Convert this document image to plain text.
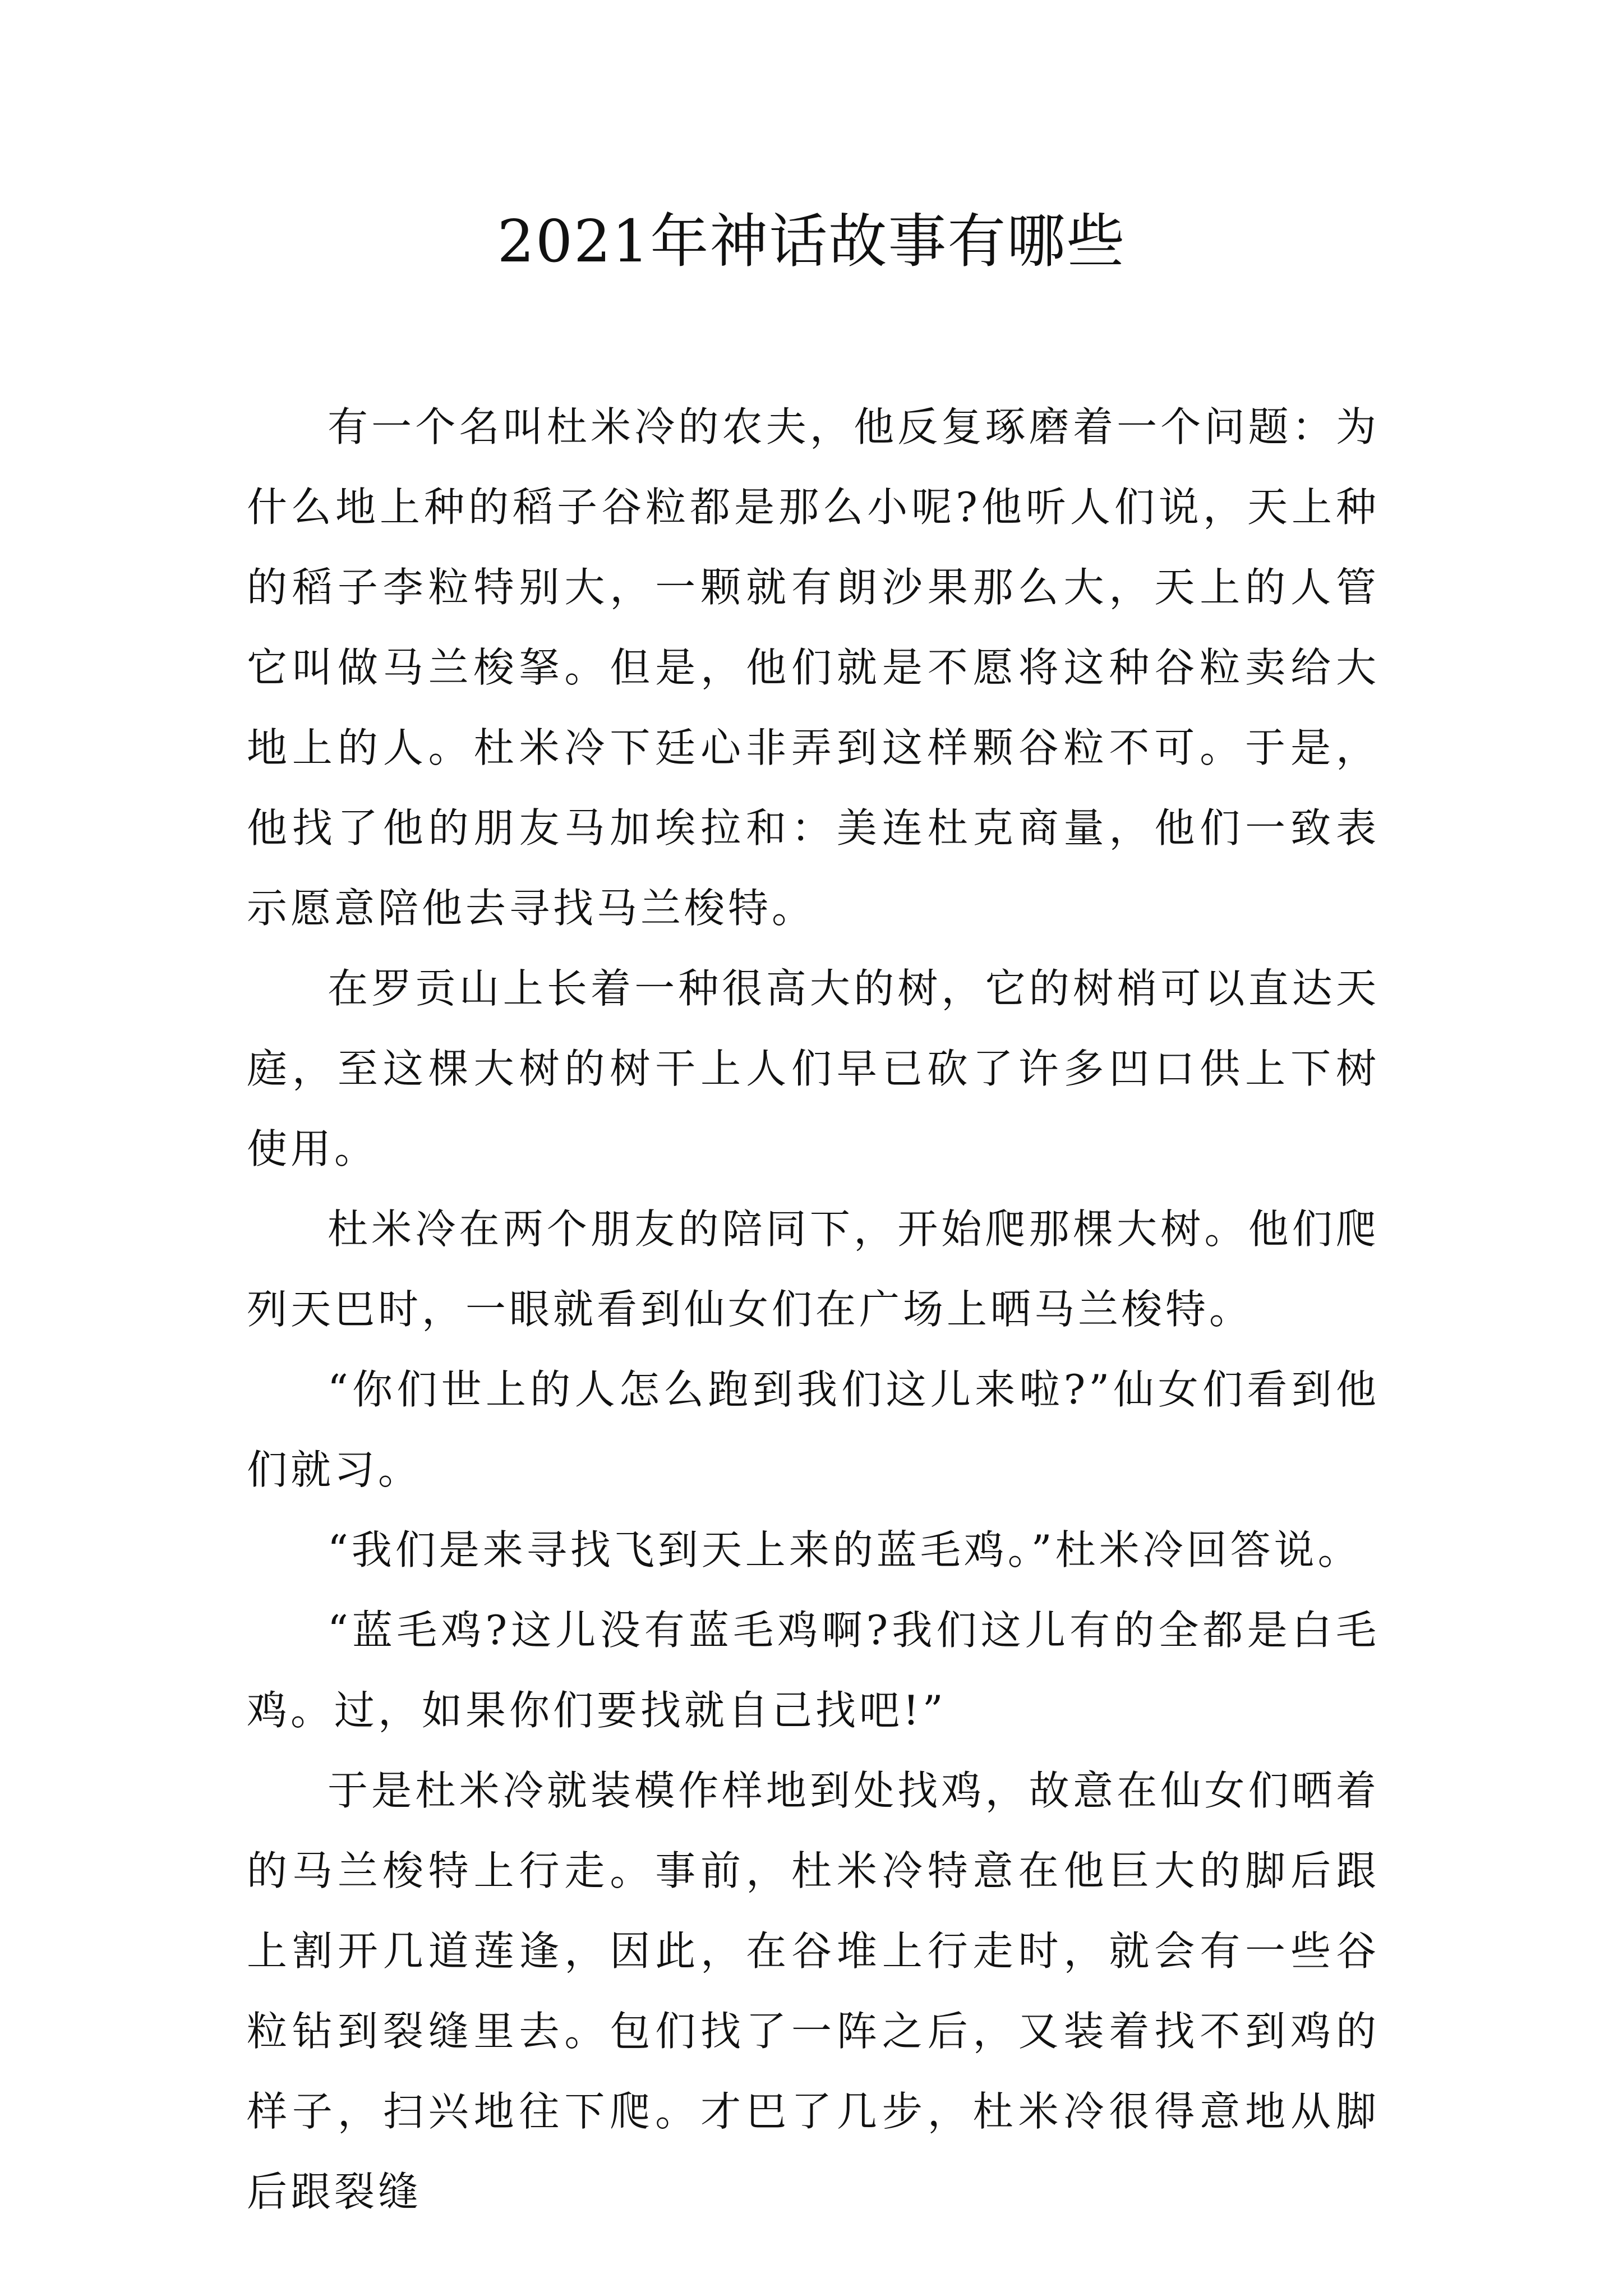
2021年神话故事有哪些

有一个名叫杜米冷的农夫，他反复琢磨着一个问题：为什么地上种的稻子谷粒都是那么小呢?他听人们说，天上种的稻子李粒特别大，一颗就有朗沙果那么大，天上的人管它叫做马兰梭拏。但是，他们就是不愿将这种谷粒卖给大地上的人。杜米冷下廷心非弄到这样颗谷粒不可。于是，他找了他的朋友马加埃拉和：美连杜克商量，他们一致表示愿意陪他去寻找马兰梭特。

在罗贡山上长着一种很高大的树，它的树梢可以直达天庭，至这棵大树的树干上人们早已砍了许多凹口供上下树使用。

杜米冷在两个朋友的陪同下，开始爬那棵大树。他们爬列天巴时，一眼就看到仙女们在广场上晒马兰梭特。

“你们世上的人怎么跑到我们这儿来啦?”仙女们看到他们就习。

“我们是来寻找飞到天上来的蓝毛鸡。”杜米冷回答说。

“蓝毛鸡?这儿没有蓝毛鸡啊?我们这儿有的全都是白毛鸡。过，如果你们要找就自己找吧!”

于是杜米冷就装模作样地到处找鸡，故意在仙女们晒着的马兰梭特上行走。事前，杜米冷特意在他巨大的脚后跟上割开几道莲逢，因此，在谷堆上行走时，就会有一些谷粒钻到裂缝里去。包们找了一阵之后，又装着找不到鸡的样子，扫兴地往下爬。才巴了几步，杜米冷很得意地从脚后跟裂缝
